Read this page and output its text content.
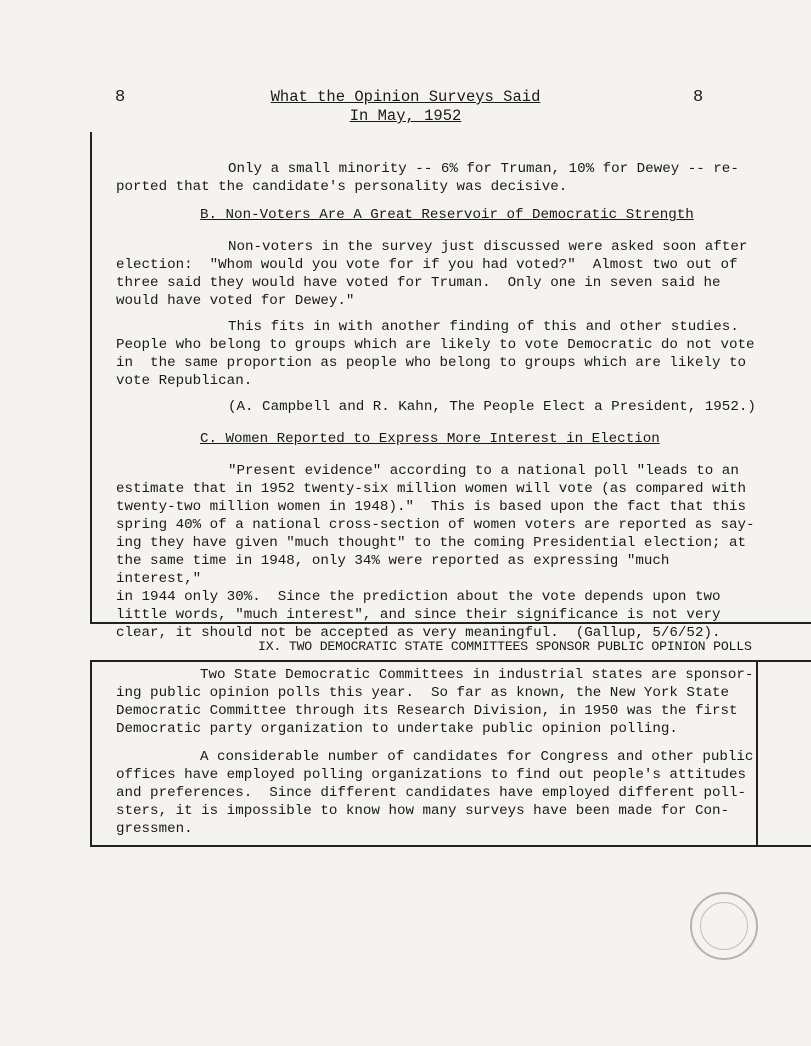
8	What the Opinion Surveys Said
In May, 1952
8
Only a small minority -- 6% for Truman, 10% for Dewey -- re-
ported that the candidate's personality was decisive.
B. Non-Voters Are A Great Reservoir of Democratic Strength
Non-voters in the survey just discussed were asked soon after
election:  "Whom would you vote for if you had voted?"  Almost two out of
three said they would have voted for Truman.  Only one in seven said he
would have voted for Dewey."
This fits in with another finding of this and other studies.
People who belong to groups which are likely to vote Democratic do not vote
in  the same proportion as people who belong to groups which are likely to
vote Republican.
(A. Campbell and R. Kahn, The People Elect a President, 1952.)
C. Women Reported to Express More Interest in Election
"Present evidence" according to a national poll "leads to an
estimate that in 1952 twenty-six million women will vote (as compared with
twenty-two million women in 1948)."  This is based upon the fact that this
spring 40% of a national cross-section of women voters are reported as say-
ing they have given "much thought" to the coming Presidential election; at
the same time in 1948, only 34% were reported as expressing "much interest,"
in 1944 only 30%.  Since the prediction about the vote depends upon two
little words, "much interest", and since their significance is not very
clear, it should not be accepted as very meaningful.  (Gallup, 5/6/52).
IX. TWO DEMOCRATIC STATE COMMITTEES SPONSOR PUBLIC OPINION POLLS
Two State Democratic Committees in industrial states are sponsor-
ing public opinion polls this year.  So far as known, the New York State
Democratic Committee through its Research Division, in 1950 was the first
Democratic party organization to undertake public opinion polling.
A considerable number of candidates for Congress and other public
offices have employed polling organizations to find out people's attitudes
and preferences.  Since different candidates have employed different poll-
sters, it is impossible to know how many surveys have been made for Con-
gressmen.
